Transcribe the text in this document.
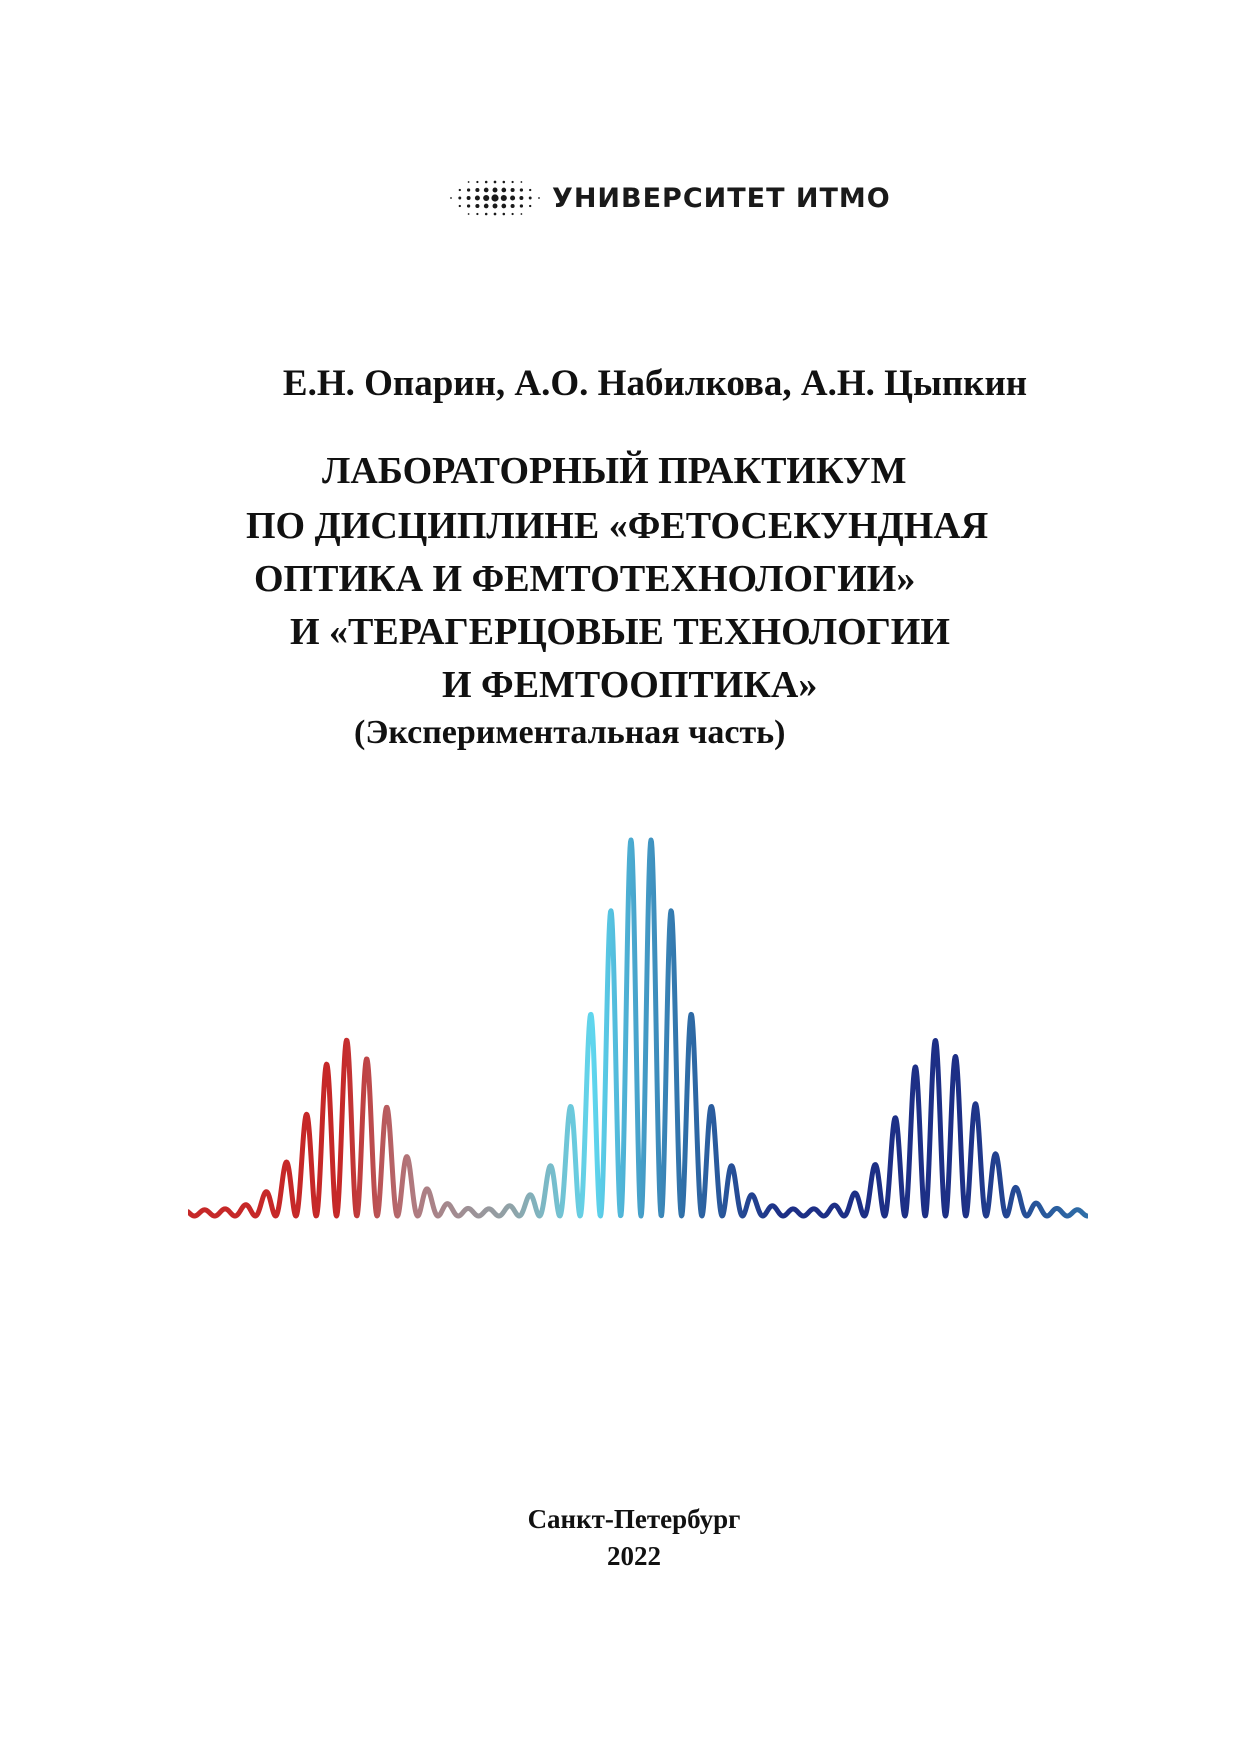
УНИВЕРСИТЕТ ИТМО
Е.Н. Опарин, А.О. Набилкова, А.Н. Цыпкин
ЛАБОРАТОРНЫЙ ПРАКТИКУМ
ПО ДИСЦИПЛИНЕ «ФЕТОСЕКУНДНАЯ
ОПТИКА И ФЕМТОТЕХНОЛОГИИ»
И «ТЕРАГЕРЦОВЫЕ ТЕХНОЛОГИИ
И ФЕМТООПТИКА»
(Экспериментальная часть)
Санкт-Петербург
2022
